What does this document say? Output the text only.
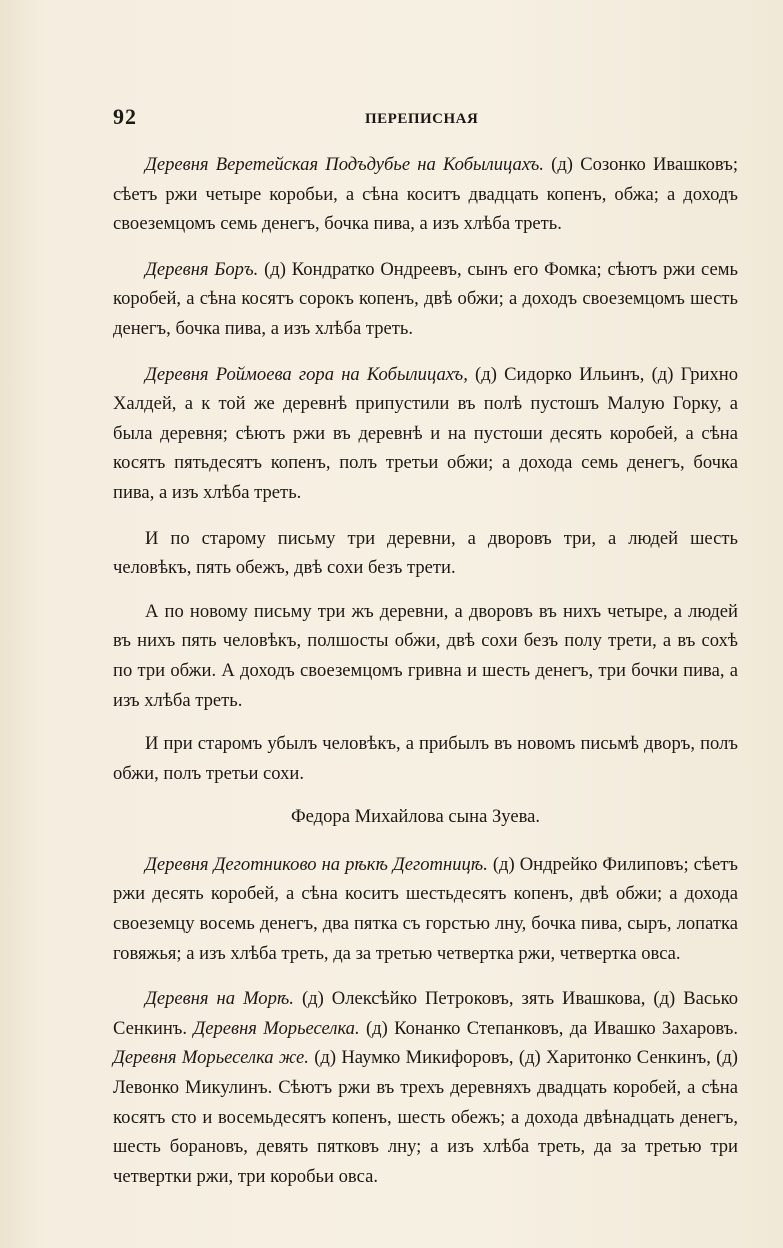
92	ПЕРЕПИСНАЯ

Деревня Веретейская Подъдубье на Кобылицахъ. (д) Созонко Ивашковъ; сѣетъ ржи четыре коробьи, а сѣна коситъ двадцать копенъ, обжа; а доходъ своеземцомъ семь денегъ, бочка пива, а изъ хлѣба треть.

Деревня Боръ. (д) Кондратко Ондреевъ, сынъ его Фомка; сѣютъ ржи семь коробей, а сѣна косятъ сорокъ копенъ, двѣ обжи; а доходъ своеземцомъ шесть денегъ, бочка пива, а изъ хлѣба треть.

Деревня Роймоева гора на Кобылицахъ, (д) Сидорко Ильинъ, (д) Грихно Халдей, а к той же деревнѣ припустили въ полѣ пустошъ Малую Горку, а была деревня; сѣютъ ржи въ деревнѣ и на пустоши десять коробей, а сѣна косятъ пятьдесятъ копенъ, полъ третьи обжи; а дохода семь денегъ, бочка пива, а изъ хлѣба треть.

И по старому письму три деревни, а дворовъ три, а людей шесть человѣкъ, пять обежъ, двѣ сохи безъ трети.

А по новому письму три жъ деревни, а дворовъ въ нихъ четыре, а людей въ нихъ пять человѣкъ, полшосты обжи, двѣ сохи безъ полу трети, а въ сохѣ по три обжи. А доходъ своеземцомъ гривна и шесть денегъ, три бочки пива, а изъ хлѣба треть.

И при старомъ убылъ человѣкъ, а прибылъ въ новомъ письмѣ дворъ, полъ обжи, полъ третьи сохи.

Федора Михайлова сына Зуева.

Деревня Деготниково на рѣкѣ Деготницѣ. (д) Ондрейко Филиповъ; сѣетъ ржи десять коробей, а сѣна коситъ шестьдесятъ копенъ, двѣ обжи; а дохода своеземцу восемь денегъ, два пятка съ горстью лну, бочка пива, сыръ, лопатка говяжья; а изъ хлѣба треть, да за третью четвертка ржи, четвертка овса.

Деревня на Морѣ. (д) Олексѣйко Петроковъ, зять Ивашкова, (д) Васько Сенкинъ. Деревня Морьеселка. (д) Конанко Степанковъ, да Ивашко Захаровъ. Деревня Морьеселка же. (д) Наумко Микифоровъ, (д) Харитонко Сенкинъ, (д) Левонко Микулинъ. Сѣютъ ржи въ трехъ деревняхъ двадцать коробей, а сѣна косятъ сто и восемьдесятъ копенъ, шесть обежъ; а дохода двѣнадцать денегъ, шесть борановъ, девять пятковъ лну; а изъ хлѣба треть, да за третью три четвертки ржи, три коробьи овса.
